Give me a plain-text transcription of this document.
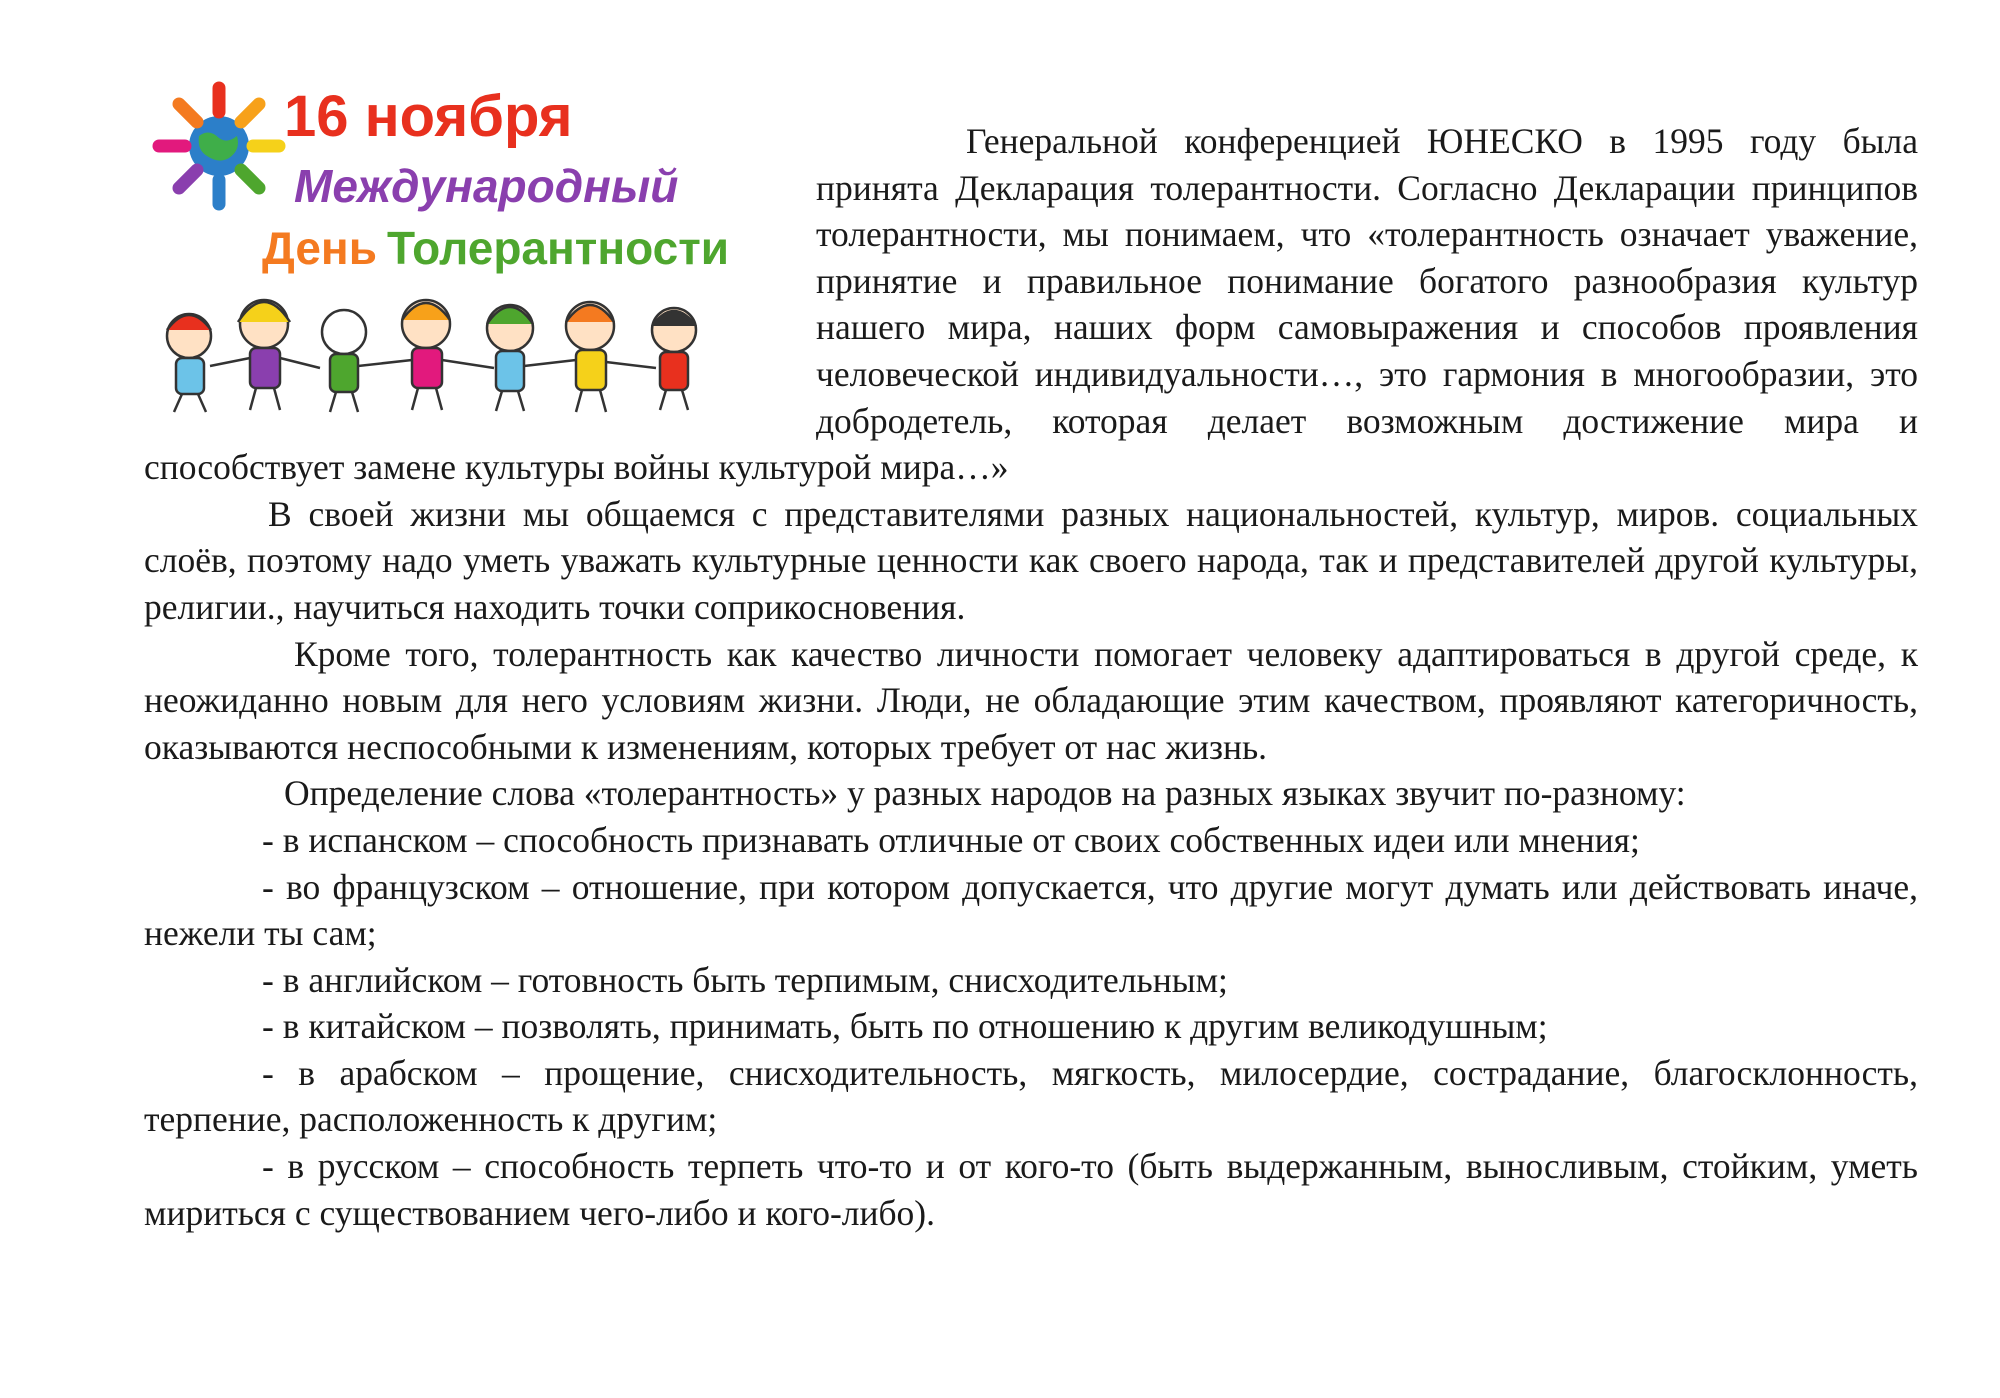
16 ноября
Международный
День Толерантности

Генеральной конференцией ЮНЕСКО в 1995 году была принята Декларация толерантности. Согласно Декларации принципов толерантности, мы понимаем, что «толерантность означает уважение, принятие и правильное понимание богатого разнообразия культур нашего мира, наших форм самовыражения и способов проявления человеческой индивидуальности…, это гармония в многообразии, это добродетель, которая делает возможным достижение мира и способствует замене культуры войны культурой мира…»

В своей жизни мы общаемся с представителями разных национальностей, культур, миров. социальных слоёв, поэтому надо уметь уважать культурные ценности как своего народа, так и представителей другой культуры, религии., научиться находить точки соприкосновения.

Кроме того, толерантность как качество личности помогает человеку адаптироваться в другой среде, к неожиданно новым для него условиям жизни. Люди, не обладающие этим качеством, проявляют категоричность, оказываются неспособными к изменениям, которых требует от нас жизнь.

Определение слова «толерантность» у разных народов на разных языках звучит по-разному:

- в испанском – способность признавать отличные от своих собственных идеи или мнения;

- во французском – отношение, при котором допускается, что другие могут думать или действовать иначе, нежели ты сам;

- в английском – готовность быть терпимым, снисходительным;

- в китайском – позволять, принимать, быть по отношению к другим великодушным;

- в арабском – прощение, снисходительность, мягкость, милосердие, сострадание, благосклонность, терпение, расположенность к другим;

- в русском – способность терпеть что-то и от кого-то (быть выдержанным, выносливым, стойким, уметь мириться с существованием чего-либо и кого-либо).
